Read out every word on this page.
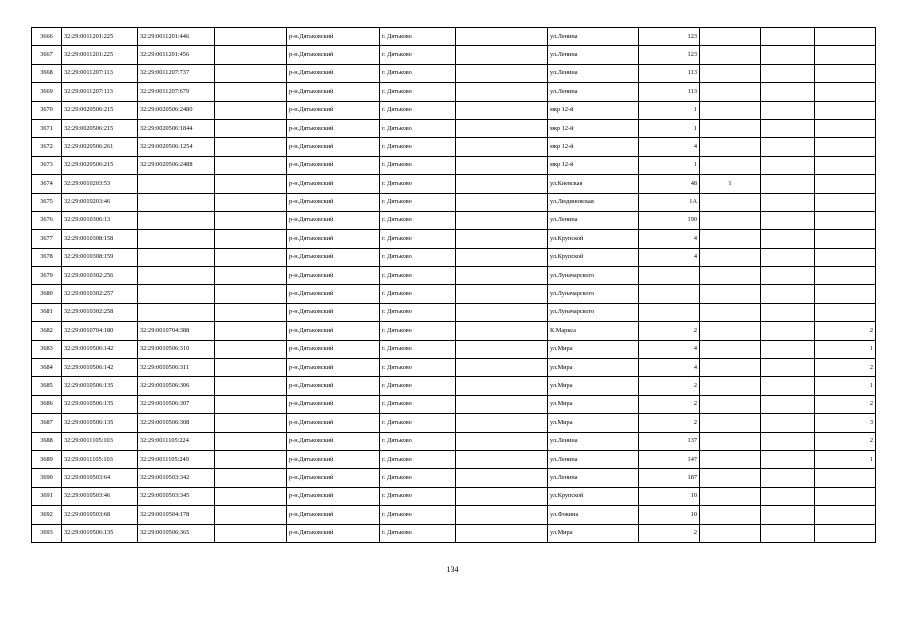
3666	32:29:0011201:225	32:29:0011201:446		р-н.Дятьковский	г. Дятьково		ул.Ленина	123			
3667	32:29:0011201:225	32:29:0011201:456		р-н.Дятьковский	г. Дятьково		ул.Ленина	123			
3668	32:29:0011207:113	32:29:0011207:737		р-н.Дятьковский	г. Дятьково		ул.Ленина	113			
3669	32:29:0011207:113	32:29:0011207:679		р-н.Дятьковский	г. Дятьково		ул.Ленина	113			
3670	32:29:0020506:215	32:29:0020506:2480		р-н.Дятьковский	г. Дятьково		мкр 12-й	1			
3671	32:29:0020506:215	32:29:0020506:1844		р-н.Дятьковский	г. Дятьково		мкр 12-й	1			
3672	32:29:0020506:261	32:29:0020506:1254		р-н.Дятьковский	г. Дятьково		мкр 12-й	4			
3673	32:29:0020506:215	32:29:0020506:2488		р-н.Дятьковский	г. Дятьково		мкр 12-й	1			
3674	32:29:0010203:53			р-н.Дятьковский	г. Дятьково		ул.Киевская	48	1		
3675	32:29:0010203:46			р-н.Дятьковский	г. Дятьково		ул.Людиновская	1А			
3676	32:29:0010306:13			р-н.Дятьковский	г. Дятьково		ул.Ленина	190			
3677	32:29:0010308:158			р-н.Дятьковский	г. Дятьково		ул.Крупской	4			
3678	32:29:0010308:159			р-н.Дятьковский	г. Дятьково		ул.Крупской	4			
3679	32:29:0010302:256			р-н.Дятьковский	г. Дятьково		ул.Луначарского				
3680	32:29:0010302:257			р-н.Дятьковский	г. Дятьково		ул.Луначарского				
3681	32:29:0010302:258			р-н.Дятьковский	г. Дятьково		ул.Луначарского				
3682	32:29:0010704:180	32:29:0010704:388		р-н.Дятьковский	г. Дятьково		К.Маркса	2			2
3683	32:29:0010506:142	32:29:0010506:310		р-н.Дятьковский	г. Дятьково		ул.Мира	4			1
3684	32:29:0010506:142	32:29:0010506:311		р-н.Дятьковский	г. Дятьково		ул.Мира	4			2
3685	32:29:0010506:135	32:29:0010506:306		р-н.Дятьковский	г. Дятьково		ул.Мира	2			1
3686	32:29:0010506:135	32:29:0010506:307		р-н.Дятьковский	г. Дятьково		ул.Мира	2			2
3687	32:29:0010506:135	32:29:0010506:308		р-н.Дятьковский	г. Дятьково		ул.Мира	2			3
3688	32:29:0011105:103	32:29:0011105:224		р-н.Дятьковский	г. Дятьково		ул.Ленина	137			2
3689	32:29:0011105:103	32:29:0011105:249		р-н.Дятьковский	г. Дятьково		ул.Ленина	147			1
3690	32:29:0010503:64	32:29:0010503:342		р-н.Дятьковский	г. Дятьково		ул.Ленина	187			
3691	32:29:0010503:46	32:29:0010503:345		р-н.Дятьковский	г. Дятьково		ул.Крупской	10			
3692	32:29:0010503:68	32:29:0010504:178		р-н.Дятьковский	г. Дятьково		ул.Фокина	10			
3693	32:29:0010506:135	32:29:0010506:365		р-н.Дятьковский	г. Дятьково		ул.Мира	2			
134
